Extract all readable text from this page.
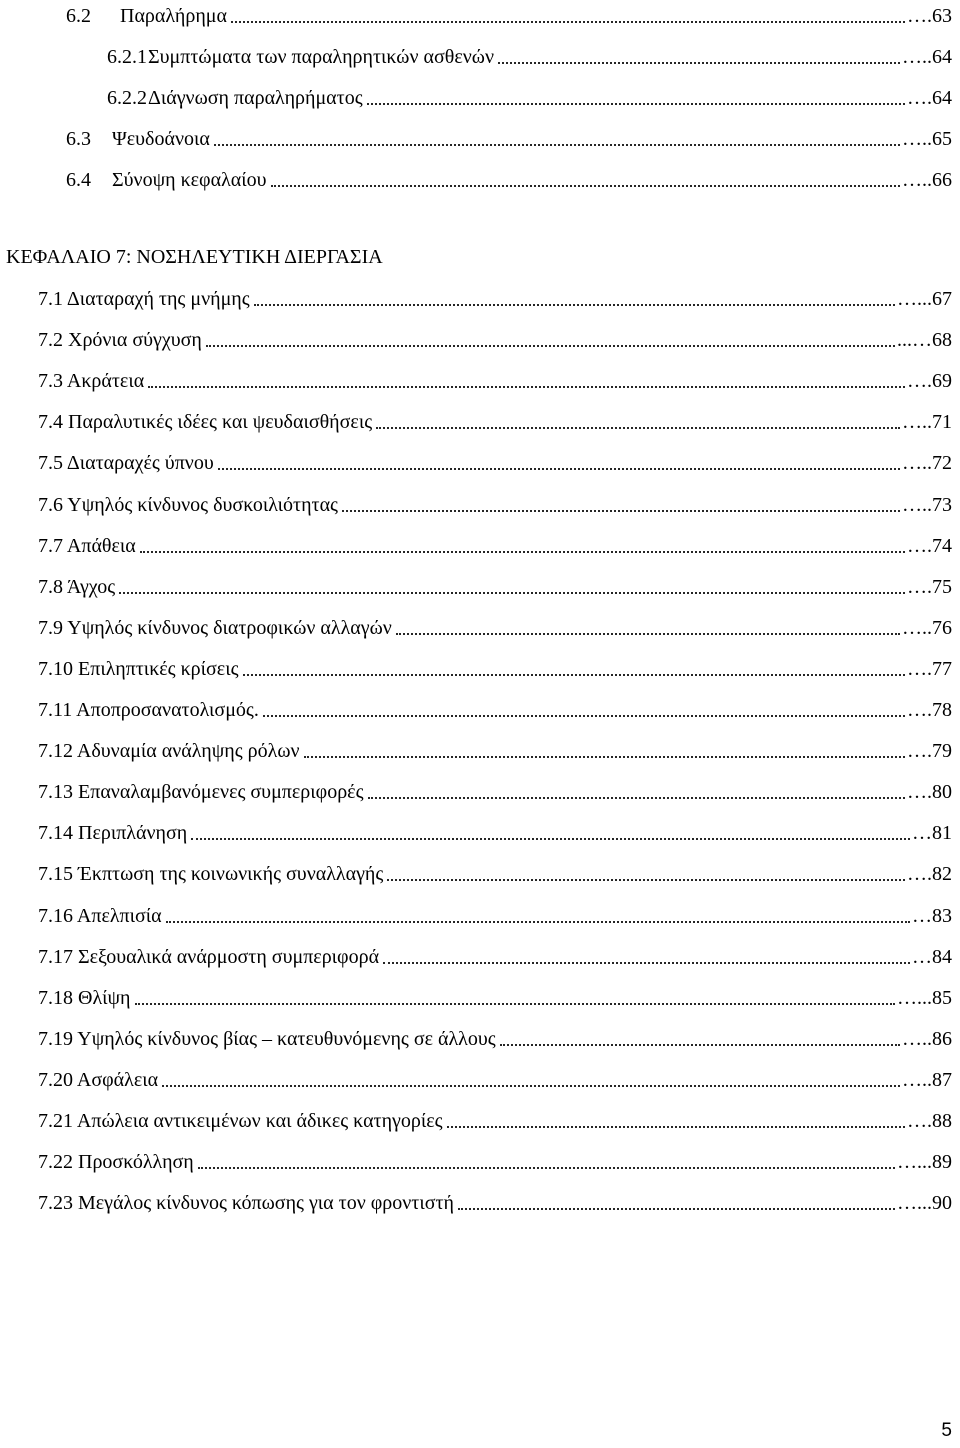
6.2 Παραλήρημα	… .63
6.2.1 Συμπτώματα των παραληρητικών ασθενών	… ..64
6.2.2 Διάγνωση παραληρήματος	… .64
6.3 Ψευδοάνοια	… ..65
6.4 Σύνοψη κεφαλαίου	… ..66
ΚΕΦΑΛΑΙΟ 7: ΝΟΣΗΛΕΥΤΙΚΗ ΔΙΕΡΓΑΣΙΑ
7.1 Διαταραχή της μνήμης	… ...67
7.2 Χρόνια σύγχυση	...… 68
7.3 Ακράτεια	…. 69
7.4 Παραλυτικές ιδέες και ψευδαισθήσεις	… ..71
7.5 Διαταραχές ύπνου	… ..72
7.6 Υψηλός κίνδυνος δυσκοιλιότητας	… ..73
7.7 Απάθεια	… .74
7.8 Άγχος	… .75
7.9 Υψηλός κίνδυνος διατροφικών αλλαγών	… ..76
7.10 Επιληπτικές κρίσεις	… .77
7.11 Αποπροσανατολισμός.	… .78
7.12 Αδυναμία ανάληψης ρόλων	… .79
7.13 Επαναλαμβανόμενες συμπεριφορές	… .80
7.14 Περιπλάνηση	… 81
7.15 Έκπτωση της κοινωνικής συναλλαγής	… .82
7.16 Απελπισία	… 83
7.17 Σεξουαλικά ανάρμοστη συμπεριφορά	… 84
7.18 Θλίψη	… ...85
7.19 Υψηλός κίνδυνος βίας – κατευθυνόμενης σε άλλους	… ..86
7.20 Ασφάλεια	… ..87
7.21 Απώλεια αντικειμένων και άδικες κατηγορίες	… .88
7.22 Προσκόλληση	… ...89
7.23 Μεγάλος κίνδυνος κόπωσης για τον φροντιστή	… ...90
5
